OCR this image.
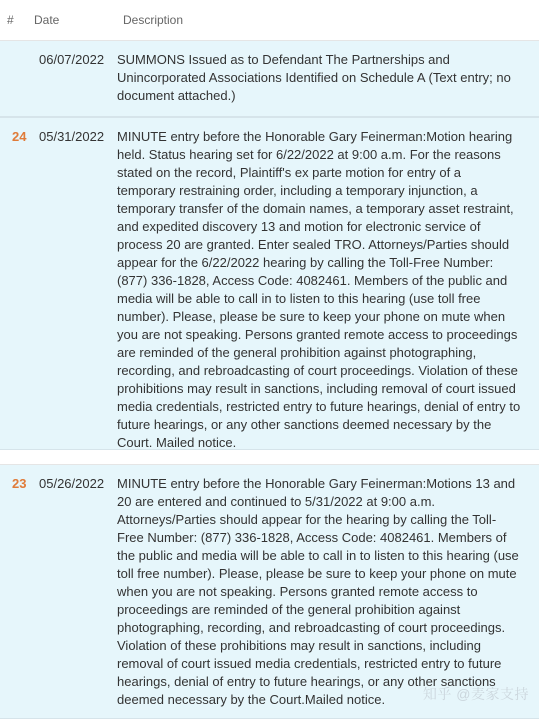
#	Date	Description
06/07/2022 SUMMONS Issued as to Defendant The Partnerships and Unincorporated Associations Identified on Schedule A (Text entry; no document attached.)
24 05/31/2022 MINUTE entry before the Honorable Gary Feinerman:Motion hearing held. Status hearing set for 6/22/2022 at 9:00 a.m. For the reasons stated on the record, Plaintiff's ex parte motion for entry of a temporary restraining order, including a temporary injunction, a temporary transfer of the domain names, a temporary asset restraint, and expedited discovery 13 and motion for electronic service of process 20 are granted. Enter sealed TRO. Attorneys/Parties should appear for the 6/22/2022 hearing by calling the Toll-Free Number: (877) 336-1828, Access Code: 4082461. Members of the public and media will be able to call in to listen to this hearing (use toll free number). Please, please be sure to keep your phone on mute when you are not speaking. Persons granted remote access to proceedings are reminded of the general prohibition against photographing, recording, and rebroadcasting of court proceedings. Violation of these prohibitions may result in sanctions, including removal of court issued media credentials, restricted entry to future hearings, denial of entry to future hearings, or any other sanctions deemed necessary by the Court. Mailed notice.
23 05/26/2022 MINUTE entry before the Honorable Gary Feinerman:Motions 13 and 20 are entered and continued to 5/31/2022 at 9:00 a.m. Attorneys/Parties should appear for the hearing by calling the Toll-Free Number: (877) 336-1828, Access Code: 4082461. Members of the public and media will be able to call in to listen to this hearing (use toll free number). Please, please be sure to keep your phone on mute when you are not speaking. Persons granted remote access to proceedings are reminded of the general prohibition against photographing, recording, and rebroadcasting of court proceedings. Violation of these prohibitions may result in sanctions, including removal of court issued media credentials, restricted entry to future hearings, denial of entry to future hearings, or any other sanctions deemed necessary by the Court.Mailed notice.	知乎 @麦家支持
